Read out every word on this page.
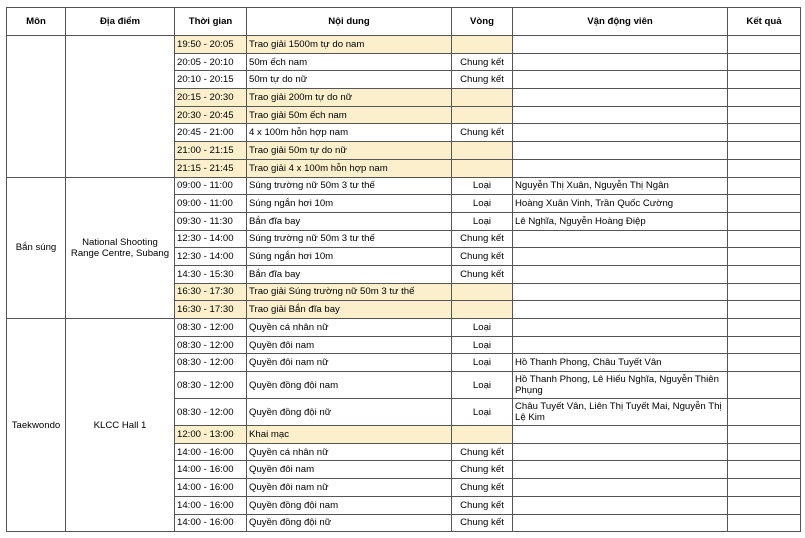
Môn	Địa điểm	Thời gian	Nội dung	Vòng	Vận động viên	Kết quả
		19:50 - 20:05	Trao giải 1500m tự do nam			
		20:05 - 20:10	50m ếch nam	Chung kết		
		20:10 - 20:15	50m tự do nữ	Chung kết		
		20:15 - 20:30	Trao giải 200m tự do nữ			
		20:30 - 20:45	Trao giải 50m ếch nam			
		20:45 - 21:00	4 x 100m hỗn hợp nam	Chung kết		
		21:00 - 21:15	Trao giải 50m tự do nữ			
		21:15 - 21:45	Trao giải 4 x 100m hỗn hợp nam			
Bắn súng	National Shooting Range Centre, Subang	09:00 - 11:00	Súng trường nữ 50m 3 tư thế	Loại	Nguyễn Thị Xuân, Nguyễn Thị Ngân	
		09:00 - 11:00	Súng ngắn hơi 10m	Loại	Hoàng Xuân Vinh, Trần Quốc Cường	
		09:30 - 11:30	Bắn đĩa bay	Loại	Lê Nghĩa, Nguyễn Hoàng Điệp	
		12:30 - 14:00	Súng trường nữ 50m 3 tư thế	Chung kết		
		12:30 - 14:00	Súng ngắn hơi 10m	Chung kết		
		14:30 - 15:30	Bắn đĩa bay	Chung kết		
		16:30 - 17:30	Trao giải Súng trường nữ 50m 3 tư thế			
		16:30 - 17:30	Trao giải Bắn đĩa bay			
Taekwondo	KLCC Hall 1	08:30 - 12:00	Quyền cá nhân nữ	Loại		
		08:30 - 12:00	Quyền đôi nam	Loại		
		08:30 - 12:00	Quyền đôi nam nữ	Loại	Hồ Thanh Phong, Châu Tuyết Vân	
		08:30 - 12:00	Quyền đồng đội nam	Loại	Hồ Thanh Phong, Lê Hiếu Nghĩa, Nguyễn Thiên Phụng	
		08:30 - 12:00	Quyền đồng đội nữ	Loại	Châu Tuyết Vân, Liên Thị Tuyết Mai, Nguyễn Thị Lệ Kim	
		12:00 - 13:00	Khai mạc			
		14:00 - 16:00	Quyền cá nhân nữ	Chung kết		
		14:00 - 16:00	Quyền đôi nam	Chung kết		
		14:00 - 16:00	Quyền đôi nam nữ	Chung kết		
		14:00 - 16:00	Quyền đồng đội nam	Chung kết		
		14:00 - 16:00	Quyền đồng đội nữ	Chung kết		
